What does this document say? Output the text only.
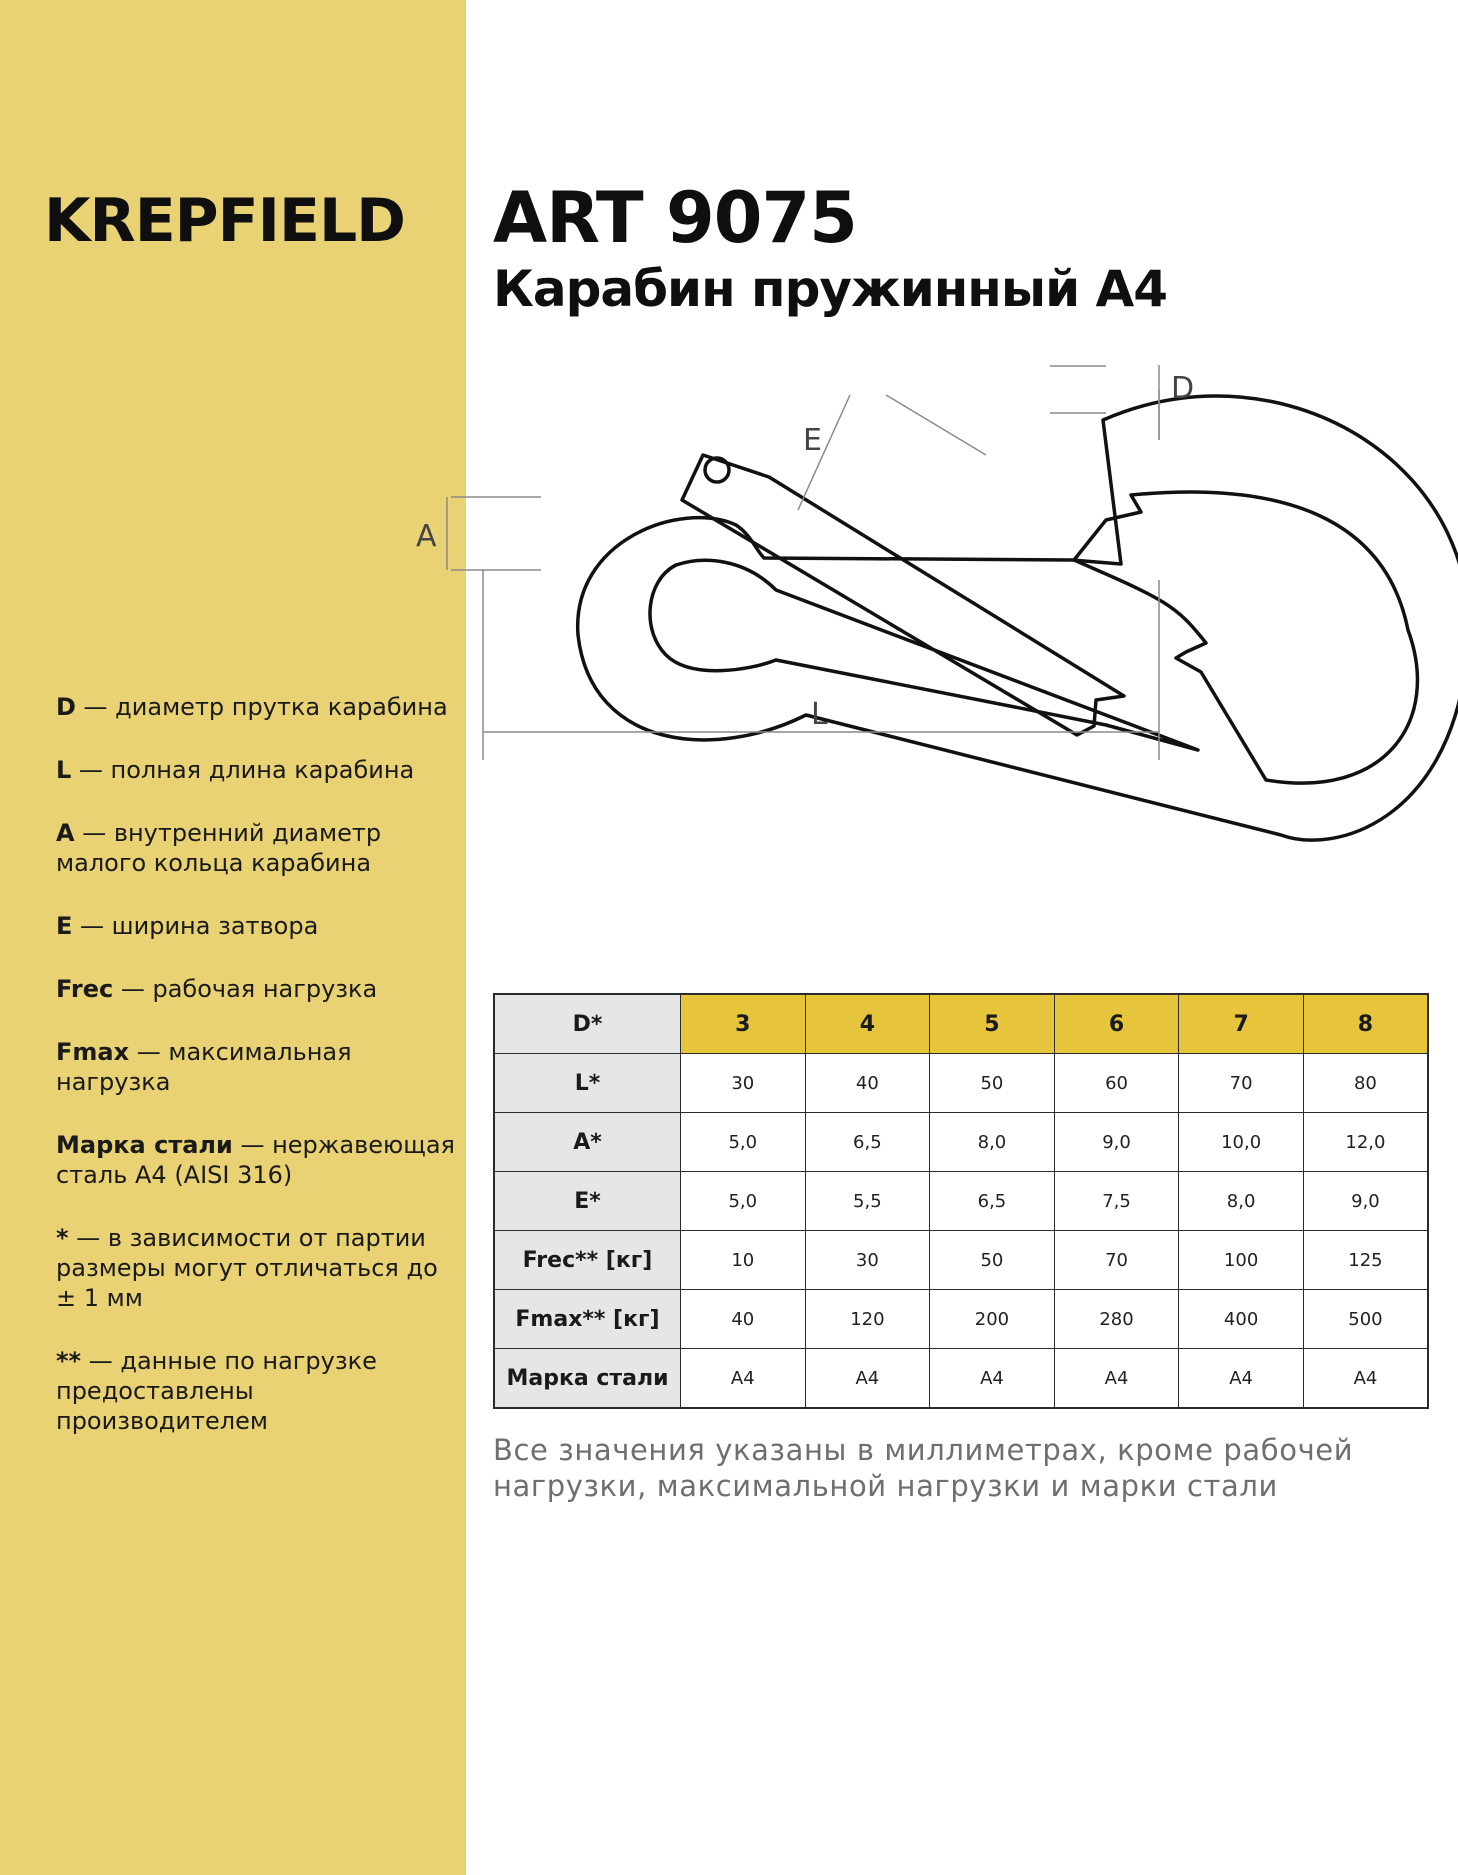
KREPFIELD
D — диаметр прутка карабина
L — полная длина карабина
A — внутренний диаметр малого кольца карабина
E — ширина затвора
Frec — рабочая нагрузка
Fmax — максимальная нагрузка
Марка стали — нержавеющая сталь А4 (AISI 316)
* — в зависимости от партии размеры могут отличаться до ± 1 мм
** — данные по нагрузке предоставлены производителем
ART 9075
Карабин пружинный A4
D
E
A
L
D*	3	4	5	6	7	8
L*	30	40	50	60	70	80
A*	5,0	6,5	8,0	9,0	10,0	12,0
E*	5,0	5,5	6,5	7,5	8,0	9,0
Frec** [кг]	10	30	50	70	100	125
Fmax** [кг]	40	120	200	280	400	500
Марка стали	A4	A4	A4	A4	A4	A4
Все значения указаны в миллиметрах, кроме рабочей нагрузки, максимальной нагрузки и марки стали
